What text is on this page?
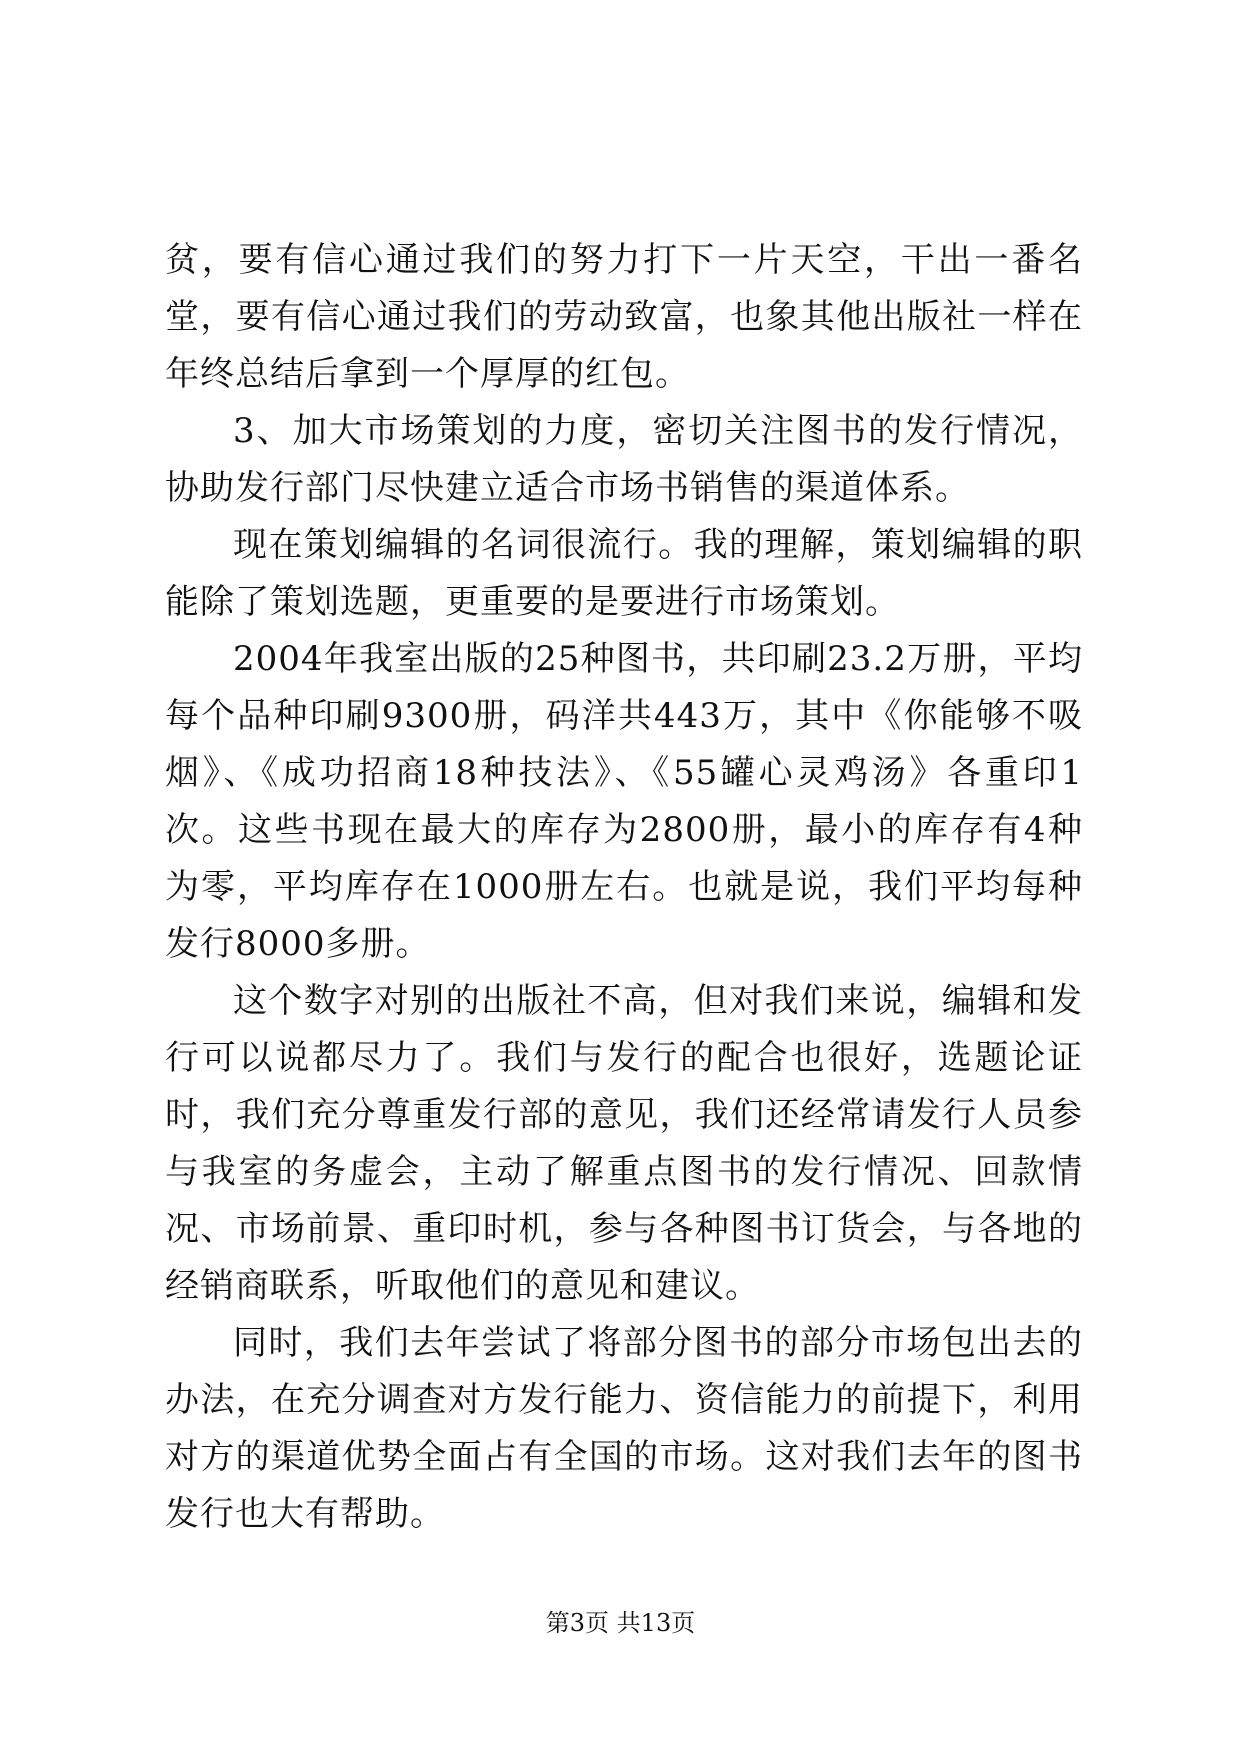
贫，要有信心通过我们的努力打下一片天空，干出一番名堂，要有信心通过我们的劳动致富，也象其他出版社一样在年终总结后拿到一个厚厚的红包。

3、加大市场策划的力度，密切关注图书的发行情况，协助发行部门尽快建立适合市场书销售的渠道体系。

现在策划编辑的名词很流行。我的理解，策划编辑的职能除了策划选题，更重要的是要进行市场策划。

2004年我室出版的25种图书，共印刷23.2万册，平均每个品种印刷9300册，码洋共443万，其中《你能够不吸烟》、《成功招商18种技法》、《55罐心灵鸡汤》各重印1次。这些书现在最大的库存为2800册，最小的库存有4种为零，平均库存在1000册左右。也就是说，我们平均每种发行8000多册。

这个数字对别的出版社不高，但对我们来说，编辑和发行可以说都尽力了。我们与发行的配合也很好，选题论证时，我们充分尊重发行部的意见，我们还经常请发行人员参与我室的务虚会，主动了解重点图书的发行情况、回款情况、市场前景、重印时机，参与各种图书订货会，与各地的经销商联系，听取他们的意见和建议。

同时，我们去年尝试了将部分图书的部分市场包出去的办法，在充分调查对方发行能力、资信能力的前提下，利用对方的渠道优势全面占有全国的市场。这对我们去年的图书发行也大有帮助。

第3页 共13页
